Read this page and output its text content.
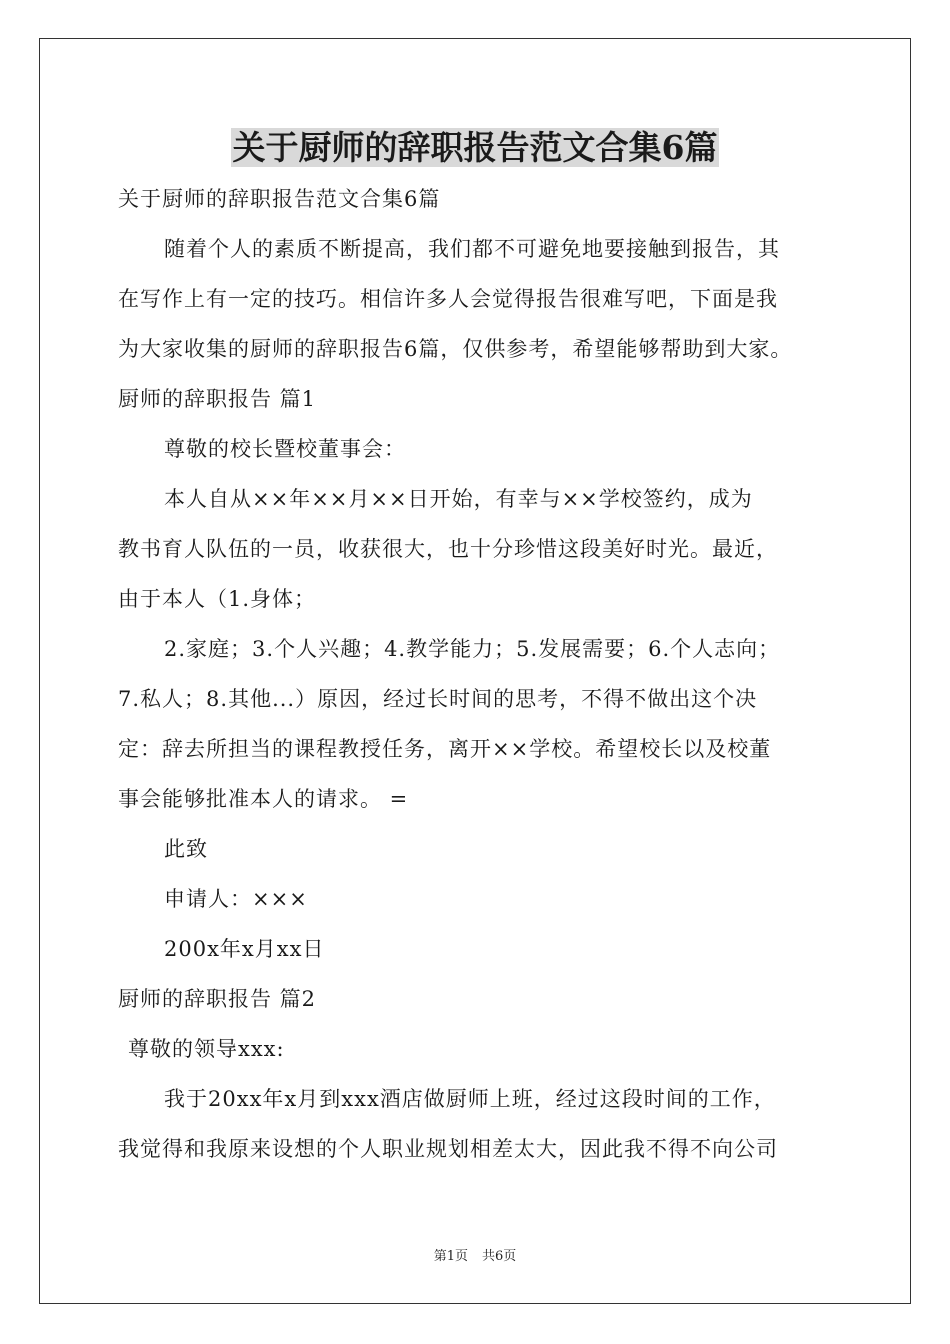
关于厨师的辞职报告范文合集6篇
关于厨师的辞职报告范文合集6篇
随着个人的素质不断提高，我们都不可避免地要接触到报告，其
在写作上有一定的技巧。相信许多人会觉得报告很难写吧，下面是我
为大家收集的厨师的辞职报告6篇，仅供参考，希望能够帮助到大家。
厨师的辞职报告 篇1
尊敬的校长暨校董事会：
本人自从××年××月××日开始，有幸与××学校签约，成为
教书育人队伍的一员，收获很大，也十分珍惜这段美好时光。最近，
由于本人（1.身体；
2.家庭；3.个人兴趣；4.教学能力；5.发展需要；6.个人志向；
7.私人；8.其他...）原因，经过长时间的思考，不得不做出这个决
定：辞去所担当的课程教授任务，离开××学校。希望校长以及校董
事会能够批准本人的请求。 =
此致
申请人：×××
200x年x月xx日
厨师的辞职报告 篇2
尊敬的领导xxx:
我于20xx年x月到xxx酒店做厨师上班，经过这段时间的工作，
我觉得和我原来设想的个人职业规划相差太大，因此我不得不向公司
第1页 共6页
